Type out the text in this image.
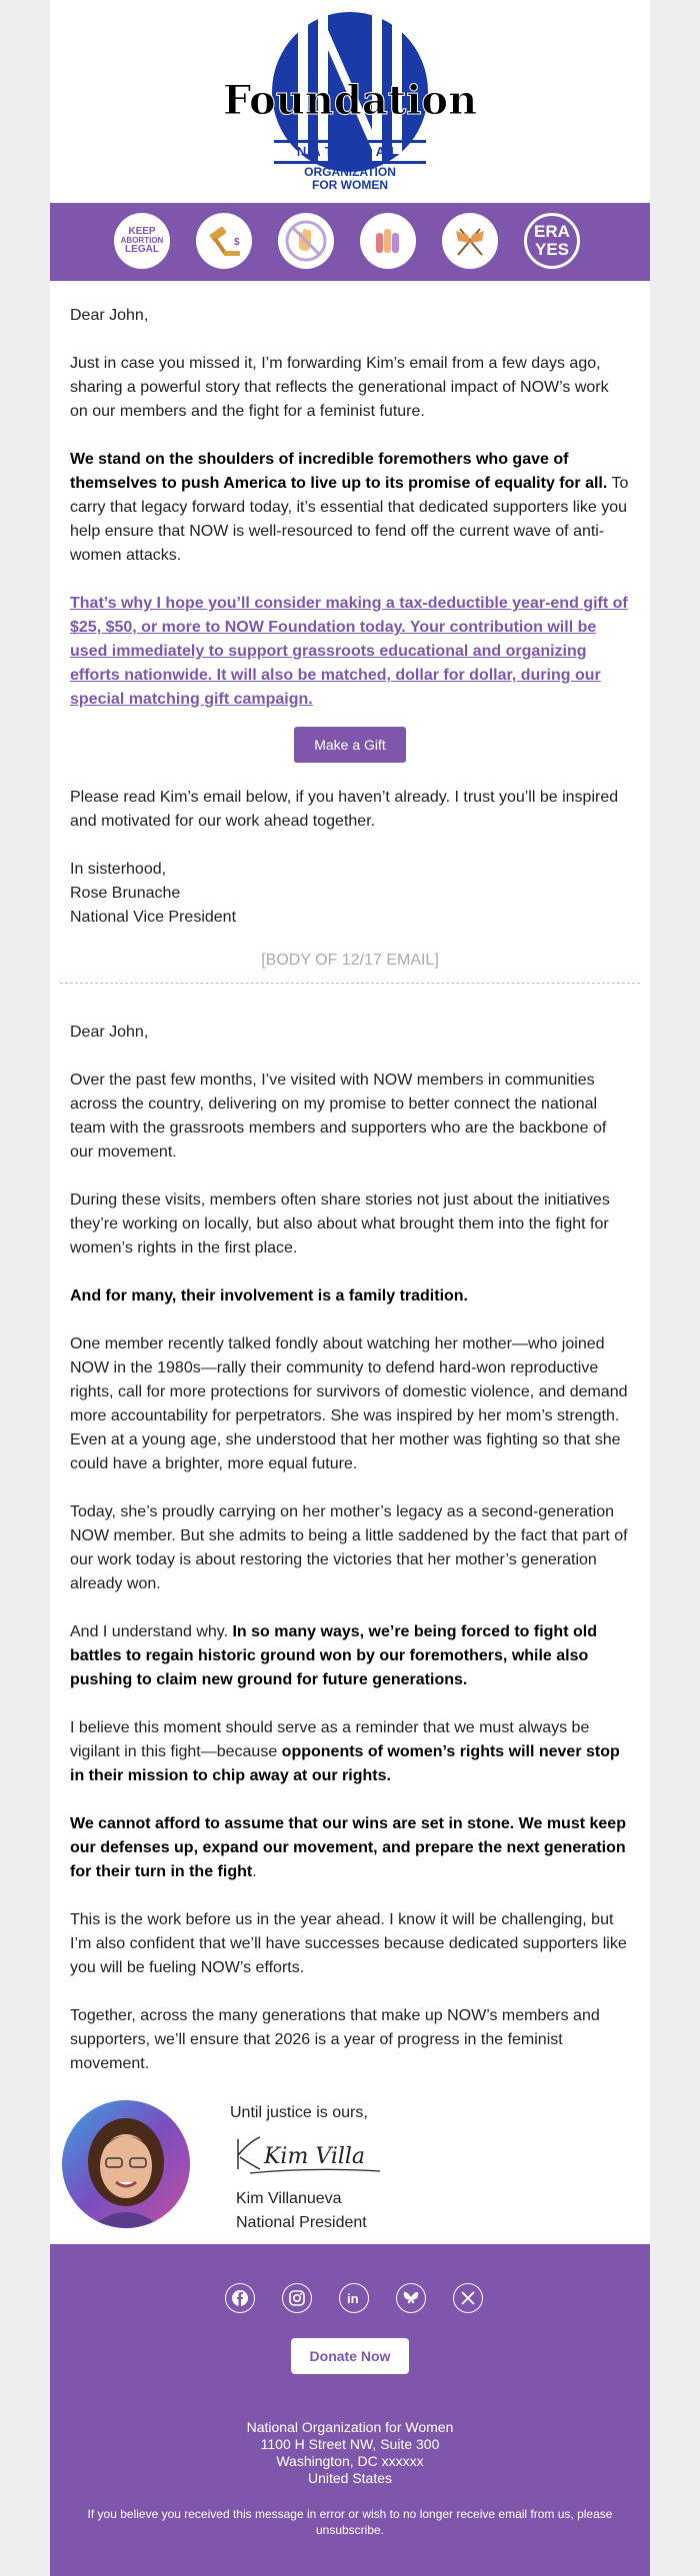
Foundation
NATIONAL
ORGANIZATION
FOR WOMEN
KEEP
ABORTION
LEGAL
$
ERA
YES

Dear John,

Just in case you missed it, I’m forwarding Kim’s email from a few days ago, sharing a powerful story that reflects the generational impact of NOW’s work on our members and the fight for a feminist future.

We stand on the shoulders of incredible foremothers who gave of themselves to push America to live up to its promise of equality for all. To carry that legacy forward today, it’s essential that dedicated supporters like you help ensure that NOW is well-resourced to fend off the current wave of anti-women attacks.

That’s why I hope you’ll consider making a tax-deductible year-end gift of $25, $50, or more to NOW Foundation today. Your contribution will be used immediately to support grassroots educational and organizing efforts nationwide. It will also be matched, dollar for dollar, during our special matching gift campaign.

Make a Gift

Please read Kim’s email below, if you haven’t already. I trust you’ll be inspired and motivated for our work ahead together.

In sisterhood,

Rose Brunache

National Vice President

[BODY OF 12/17 EMAIL]

Dear John,

Over the past few months, I’ve visited with NOW members in communities across the country, delivering on my promise to better connect the national team with the grassroots members and supporters who are the backbone of our movement.

During these visits, members often share stories not just about the initiatives they’re working on locally, but also about what brought them into the fight for women’s rights in the first place.

And for many, their involvement is a family tradition.

One member recently talked fondly about watching her mother—who joined NOW in the 1980s—rally their community to defend hard-won reproductive rights, call for more protections for survivors of domestic violence, and demand more accountability for perpetrators. She was inspired by her mom’s strength. Even at a young age, she understood that her mother was fighting so that she could have a brighter, more equal future.

Today, she’s proudly carrying on her mother’s legacy as a second-generation NOW member. But she admits to being a little saddened by the fact that part of our work today is about restoring the victories that her mother’s generation already won.

And I understand why. In so many ways, we’re being forced to fight old battles to regain historic ground won by our foremothers, while also pushing to claim new ground for future generations.

I believe this moment should serve as a reminder that we must always be vigilant in this fight—because opponents of women’s rights will never stop in their mission to chip away at our rights.

We cannot afford to assume that our wins are set in stone. We must keep our defenses up, expand our movement, and prepare the next generation for their turn in the fight.

This is the work before us in the year ahead. I know it will be challenging, but I’m also confident that we’ll have successes because dedicated supporters like you will be fueling NOW’s efforts.

Together, across the many generations that make up NOW’s members and supporters, we’ll ensure that 2026 is a year of progress in the feminist movement.

Until justice is ours,

Kim Villa

Kim Villanueva

National President

in
Donate Now
National Organization for Women
1100 H Street NW, Suite 300
Washington, DC xxxxxx
United States
If you believe you received this message in error or wish to no longer receive email from us, please unsubscribe.
